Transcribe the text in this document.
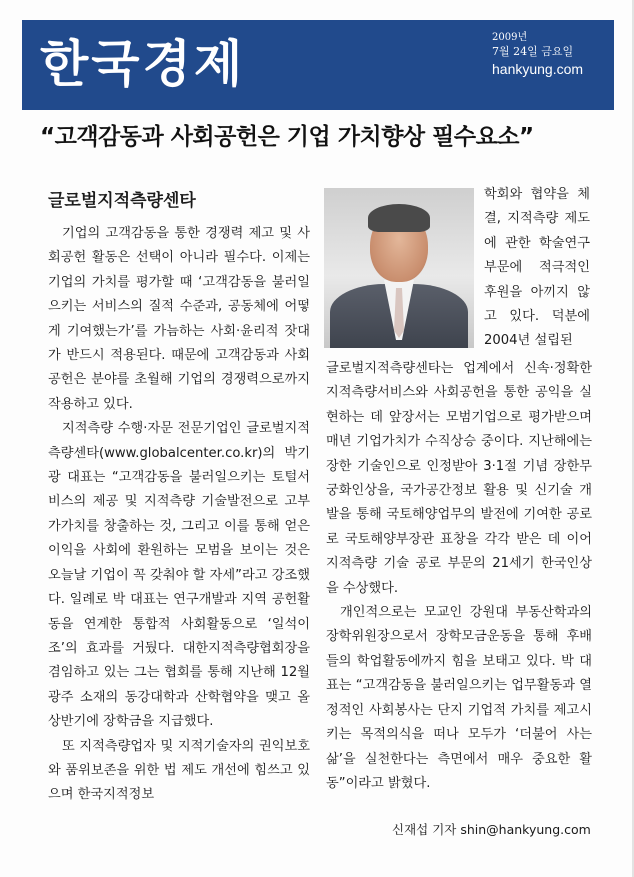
한국경제	2009년
7월 24일 금요일
hankyung.com
“고객감동과 사회공헌은 기업 가치향상 필수요소”
글로벌지적측량센타

기업의 고객감동을 통한 경쟁력 제고 및 사회공헌 활동은 선택이 아니라 필수다. 이제는 기업의 가치를 평가할 때 ‘고객감동을 불러일으키는 서비스의 질적 수준과, 공동체에 어떻게 기여했는가’를 가늠하는 사회·윤리적 잣대가 반드시 적용된다. 때문에 고객감동과 사회공헌은 분야를 초월해 기업의 경쟁력으로까지 작용하고 있다.

지적측량 수행·자문 전문기업인 글로벌지적측량센타(www.globalcenter.co.kr)의 박기광 대표는 “고객감동을 불러일으키는 토털서비스의 제공 및 지적측량 기술발전으로 고부가가치를 창출하는 것, 그리고 이를 통해 얻은 이익을 사회에 환원하는 모범을 보이는 것은 오늘날 기업이 꼭 갖춰야 할 자세”라고 강조했다. 일례로 박 대표는 연구개발과 지역 공헌활동을 연계한 통합적 사회활동으로 ‘일석이조’의 효과를 거뒀다. 대한지적측량협회장을 겸임하고 있는 그는 협회를 통해 지난해 12월 광주 소재의 동강대학과 산학협약을 맺고 올 상반기에 장학금을 지급했다.

또 지적측량업자 및 지적기술자의 권익보호와 품위보존을 위한 법 제도 개선에 힘쓰고 있으며 한국지적정보

학회와 협약을 체결, 지적측량 제도에 관한 학술연구 부문에 적극적인 후원을 아끼지 않고 있다. 덕분에 2004년 설립된

글로벌지적측량센타는 업계에서 신속·정확한 지적측량서비스와 사회공헌을 통한 공익을 실현하는 데 앞장서는 모범기업으로 평가받으며 매년 기업가치가 수직상승 중이다. 지난해에는 장한 기술인으로 인정받아 3·1절 기념 장한무궁화인상을, 국가공간정보 활용 및 신기술 개발을 통해 국토해양업무의 발전에 기여한 공로로 국토해양부장관 표창을 각각 받은 데 이어 지적측량 기술 공로 부문의 21세기 한국인상을 수상했다.

개인적으로는 모교인 강원대 부동산학과의 장학위원장으로서 장학모금운동을 통해 후배들의 학업활동에까지 힘을 보태고 있다. 박 대표는 “고객감동을 불러일으키는 업무활동과 열정적인 사회봉사는 단지 기업적 가치를 제고시키는 목적의식을 떠나 모두가 ‘더불어 사는 삶’을 실천한다는 측면에서 매우 중요한 활동”이라고 밝혔다.

신재섭 기자 shin@hankyung.com
